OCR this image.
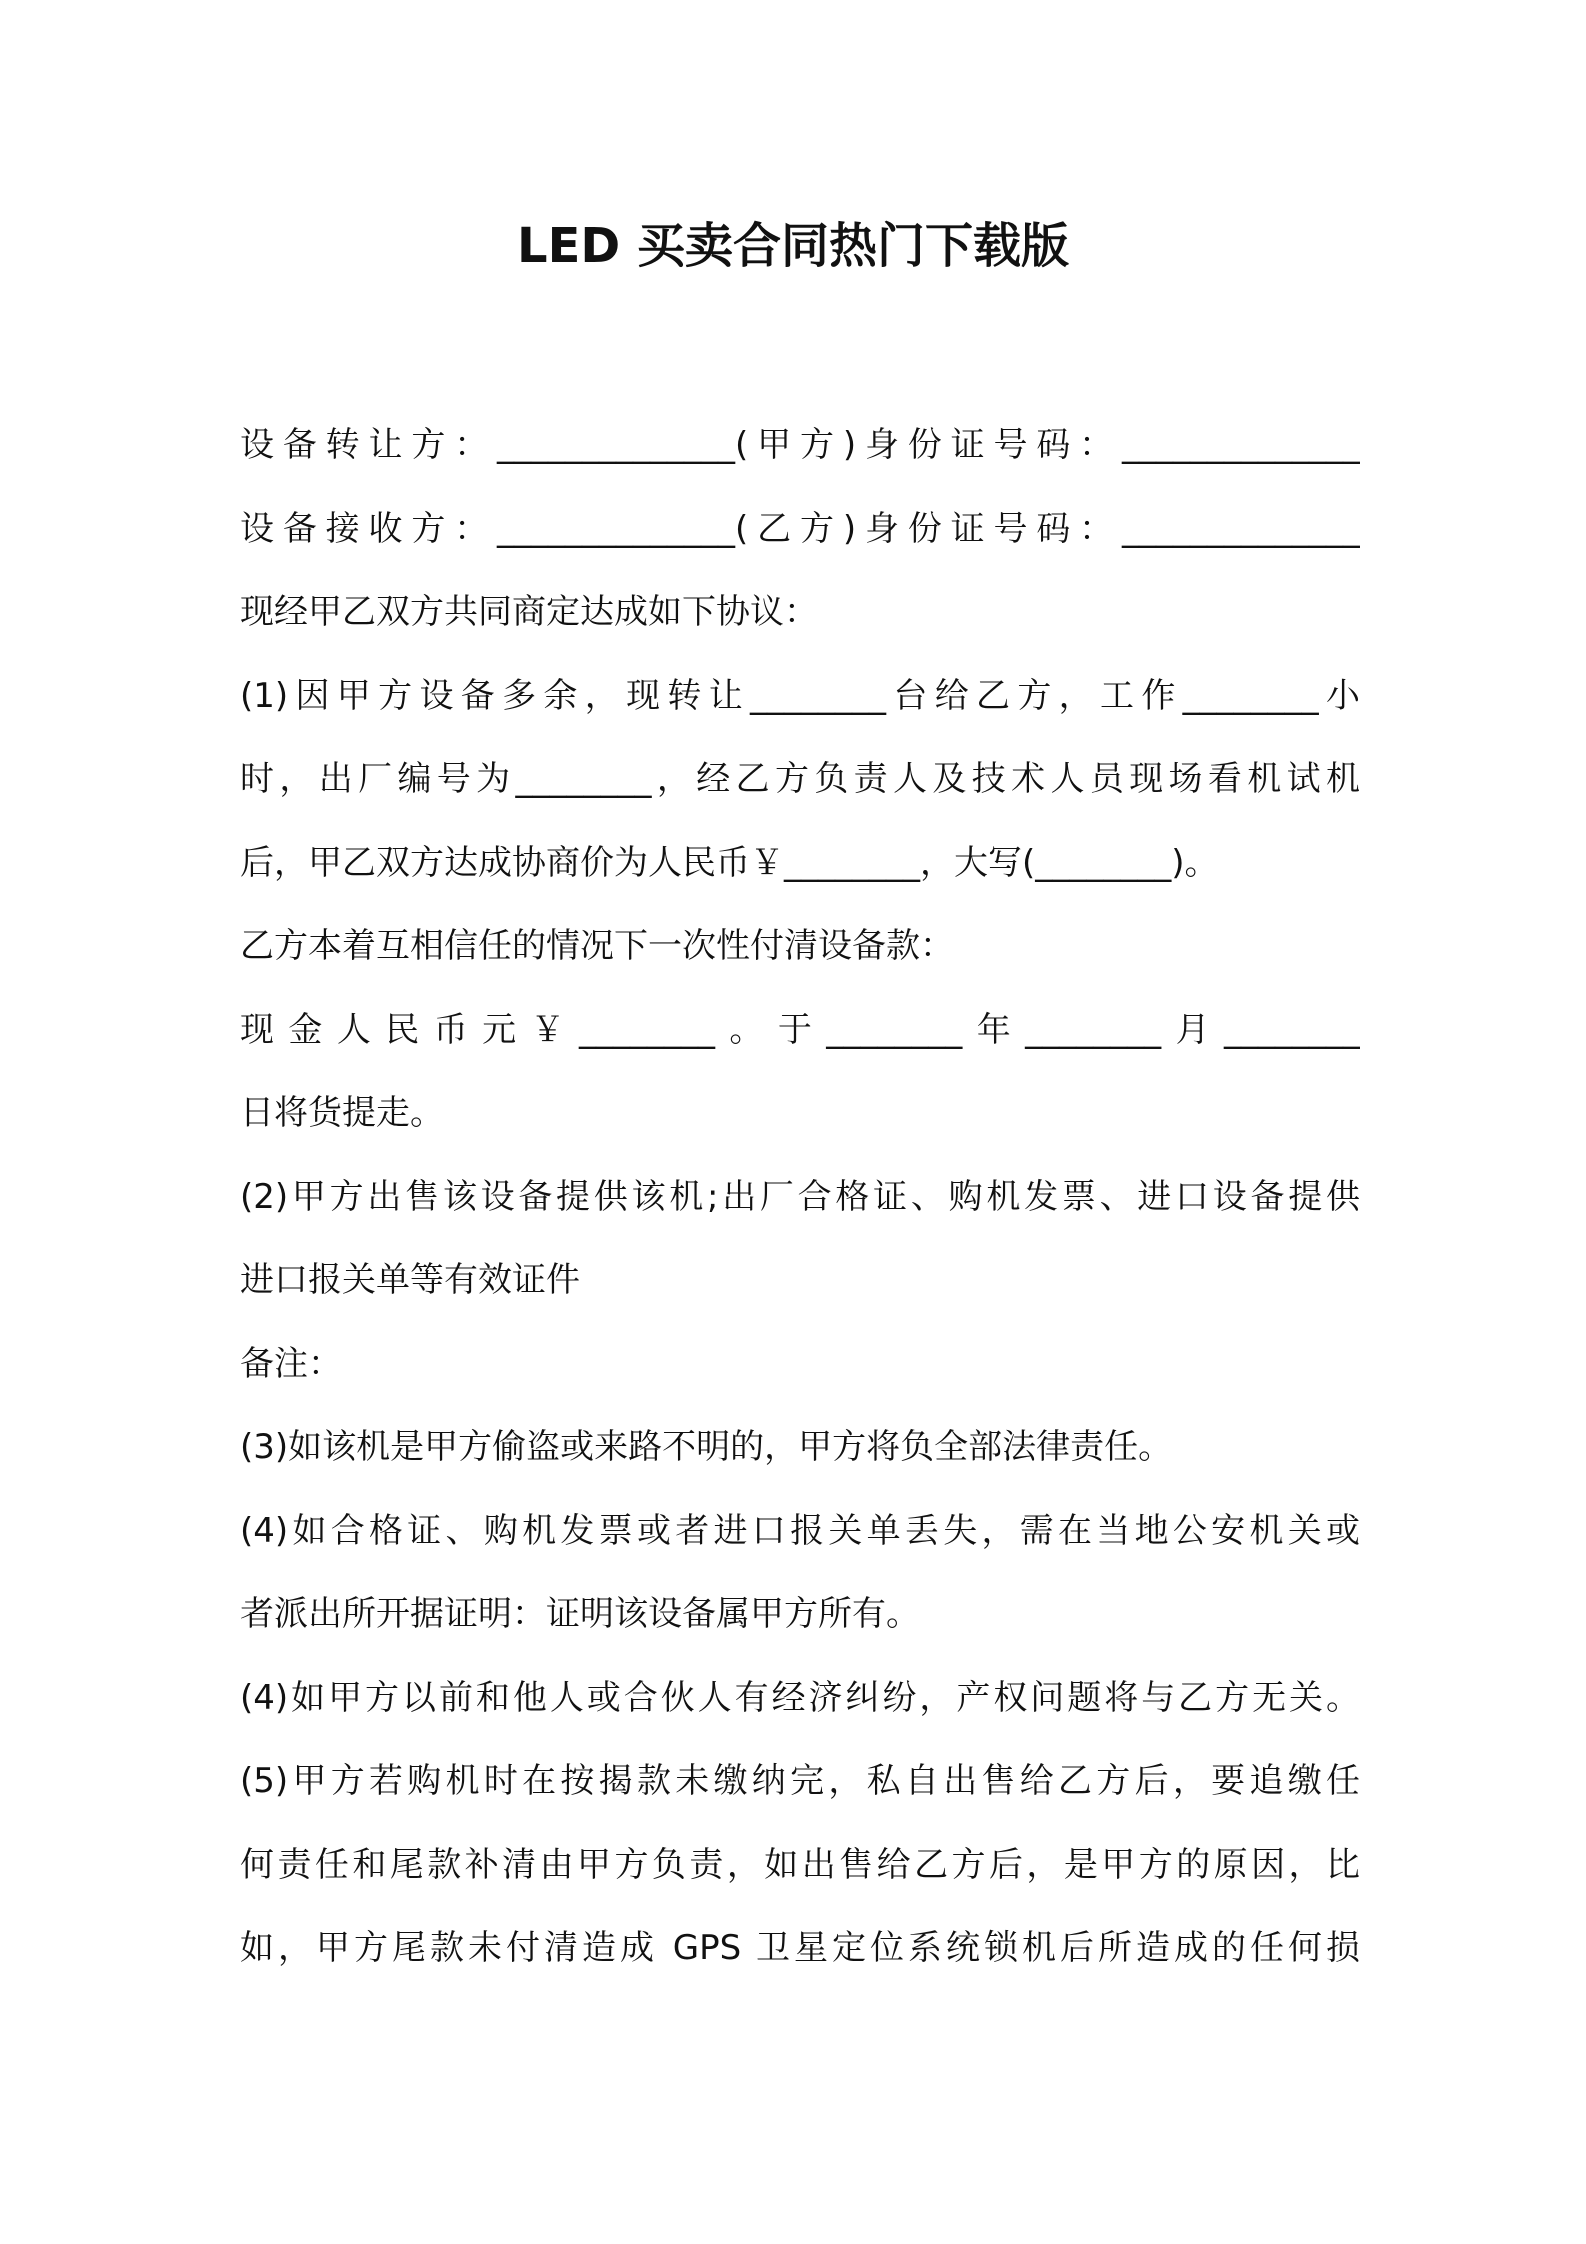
LED 买卖合同热门下载版
设备转让方：______________(甲方)身份证号码：______________
设备接收方：______________(乙方)身份证号码：______________
现经甲乙双方共同商定达成如下协议：
(1)因甲方设备多余，现转让________台给乙方，工作________小
时，出厂编号为________，经乙方负责人及技术人员现场看机试机
后，甲乙双方达成协商价为人民币￥________，大写(________)。
乙方本着互相信任的情况下一次性付清设备款：
现金人民币元￥________。于________年________月________
日将货提走。
(2)甲方出售该设备提供该机;出厂合格证、购机发票、进口设备提供
进口报关单等有效证件
备注：
(3)如该机是甲方偷盗或来路不明的，甲方将负全部法律责任。
(4)如合格证、购机发票或者进口报关单丢失，需在当地公安机关或
者派出所开据证明：证明该设备属甲方所有。
(4)如甲方以前和他人或合伙人有经济纠纷，产权问题将与乙方无关。
(5)甲方若购机时在按揭款未缴纳完，私自出售给乙方后，要追缴任
何责任和尾款补清由甲方负责，如出售给乙方后，是甲方的原因，比
如，甲方尾款未付清造成 GPS 卫星定位系统锁机后所造成的任何损
